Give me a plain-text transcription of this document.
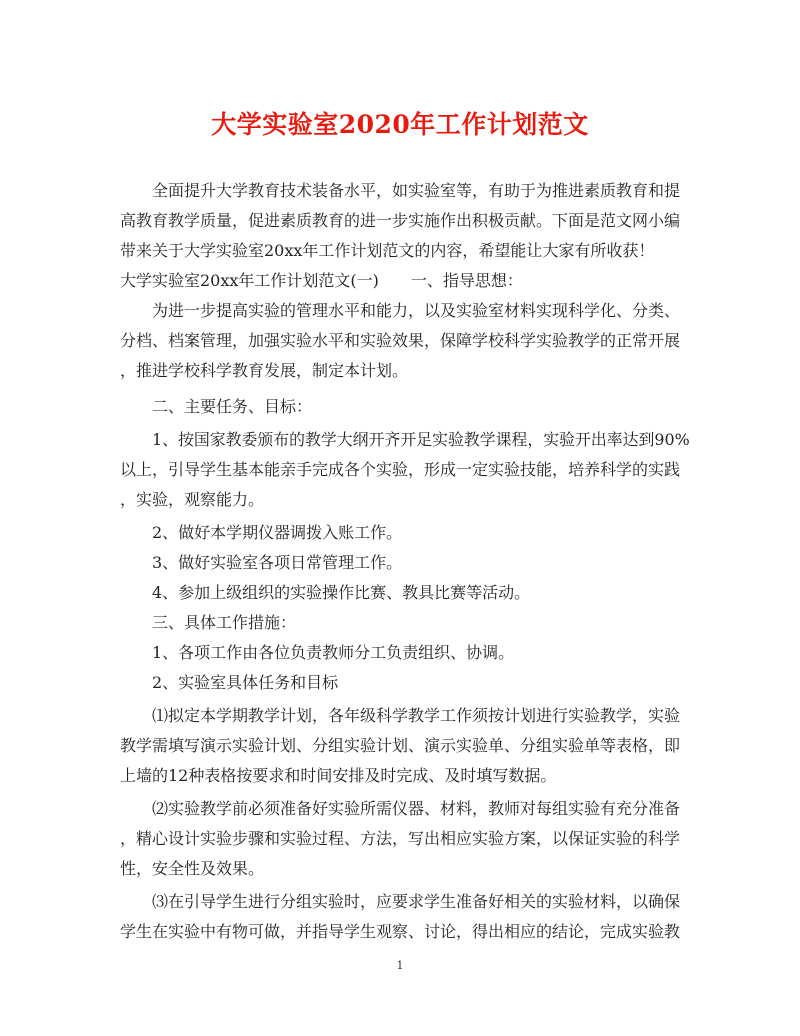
大学实验室2020年工作计划范文
全面提升大学教育技术装备水平，如实验室等，有助于为推进素质教育和提
高教育教学质量，促进素质教育的进一步实施作出积极贡献。下面是范文网小编
带来关于大学实验室20xx年工作计划范文的内容，希望能让大家有所收获！
大学实验室20xx年工作计划范文(一)　　一、指导思想：
为进一步提高实验的管理水平和能力，以及实验室材料实现科学化、分类、
分档、档案管理，加强实验水平和实验效果，保障学校科学实验教学的正常开展
，推进学校科学教育发展，制定本计划。
二、主要任务、目标：
1、按国家教委颁布的教学大纲开齐开足实验教学课程，实验开出率达到90%
以上，引导学生基本能亲手完成各个实验，形成一定实验技能，培养科学的实践
，实验，观察能力。
2、做好本学期仪器调拨入账工作。
3、做好实验室各项日常管理工作。
4、参加上级组织的实验操作比赛、教具比赛等活动。
三、具体工作措施：
1、各项工作由各位负责教师分工负责组织、协调。
2、实验室具体任务和目标
⑴拟定本学期教学计划，各年级科学教学工作须按计划进行实验教学，实验
教学需填写演示实验计划、分组实验计划、演示实验单、分组实验单等表格，即
上墙的12种表格按要求和时间安排及时完成、及时填写数据。
⑵实验教学前必须准备好实验所需仪器、材料，教师对每组实验有充分准备
，精心设计实验步骤和实验过程、方法，写出相应实验方案，以保证实验的科学
性，安全性及效果。
⑶在引导学生进行分组实验时，应要求学生准备好相关的实验材料，以确保
学生在实验中有物可做，并指导学生观察、讨论，得出相应的结论，完成实验教
1
